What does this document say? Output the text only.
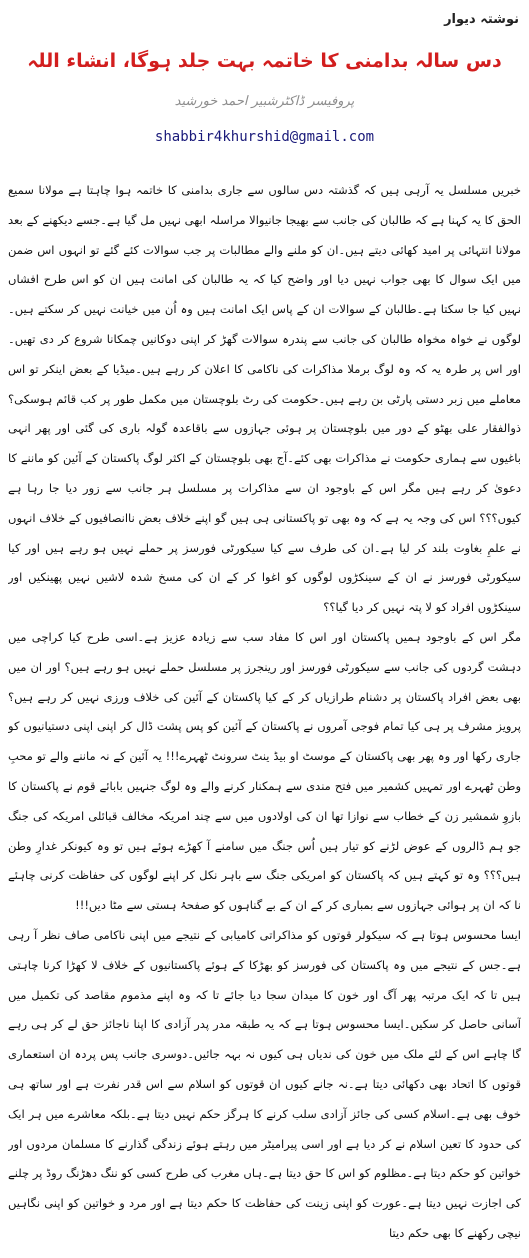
نوشتہ دیوار
دس سالہ بدامنی کا خاتمہ بہت جلد ہوگا، انشاء اللہ
پروفیسر ڈاکٹرشبیر احمد خورشید
shabbir4khurshid@gmail.com

خبریں مسلسل یہ آرہی ہیں کہ گذشتہ دس سالوں سے جاری بدامنی کا خاتمہ ہوا چاہتا ہے مولانا سمیع الحق کا یہ کہنا ہے کہ طالبان کی جانب سے بھیجا جانیوالا مراسلہ ابھی نہیں مل گیا ہے۔جسے دیکھنے کے بعد مولانا انتہائی پر امید کھائی دیتے ہیں۔ان کو ملنے والے مطالبات پر جب سوالات کئے گئے تو انہوں اس ضمن میں ایک سوال کا بھی جواب نہیں دیا اور واضح کیا کہ یہ طالبان کی امانت ہیں ان کو اس طرح افشاں نہیں کیا جا سکتا ہے۔طالبان کے سوالات ان کے پاس ایک امانت ہیں وہ اُن میں خیانت نہیں کر سکتے ہیں۔لوگوں نے خواہ مخواہ طالبان کی جانب سے پندرہ سوالات گھڑ کر اپنی دوکانیں چمکانا شروع کر دی تھیں۔اور اس پر طرہ یہ کہ وہ لوگ برملا مذاکرات کی ناکامی کا اعلان کر رہے ہیں۔میڈیا کے بعض اینکر تو اس معاملے میں زبر دستی پارٹی بن رہے ہیں۔حکومت کی رٹ بلوچستان میں مکمل طور پر کب قائم ہوسکی؟ ذوالفقار علی بھٹو کے دور میں بلوچستان پر ہوئی جہازوں سے باقاعدہ گولہ باری کی گئی اور پھر انہی باغیوں سے ہماری حکومت نے مذاکرات بھی کئے۔آج بھی بلوچستان کے اکثر لوگ پاکستان کے آئین کو ماننے کا دعویٰ کر رہے ہیں مگر اس کے باوجود ان سے مذاکرات پر مسلسل ہر جانب سے زور دیا جا رہا ہے کیوں؟؟؟ اس کی وجہ یہ ہے کہ وہ بھی تو پاکستانی ہی ہیں گو اپنے خلاف بعض ناانصافیوں کے خلاف انہوں نے علمِ بغاوت بلند کر لیا ہے۔ان کی طرف سے کیا سیکورٹی فورسز پر حملے نہیں ہو رہے ہیں اور کیا سیکورٹی فورسز نے ان کے سینکڑوں لوگوں کو اغوا کر کے ان کی مسخ شدہ لاشیں نہیں پھینکیں اور سینکڑوں افراد کو لا پتہ نہیں کر دیا گیا؟؟

مگر اس کے باوجود ہمیں پاکستان اور اس کا مفاد سب سے زیادہ عزیز ہے۔اسی طرح کیا کراچی میں دہشت گردوں کی جانب سے سیکورٹی فورسز اور رینجرز پر مسلسل حملے نہیں ہو رہے ہیں؟ اور ان میں بھی بعض افراد پاکستان پر دشنام طرازیاں کر کے کیا پاکستان کے آئین کی خلاف ورزی نہیں کر رہے ہیں؟ پرویز مشرف پر ہی کیا تمام فوجی آمروں نے پاکستان کے آئین کو پس پشت ڈال کر اپنی اپنی دستیانیوں کو جاری رکھا اور وہ پھر بھی پاکستان کے موسٹ او بیڈ ینٹ سرونٹ ٹھہرے!!! یہ آئین کے نہ ماننے والے تو محبِ وطن ٹھہرے اور تمہیں کشمیر میں فتح مندی سے ہمکنار کرنے والے وہ لوگ جنہیں بابائے قوم نے پاکستان کا بازوِ شمشیر زن کے خطاب سے نوازا تھا ان کی اولادوں میں سے چند امریکہ مخالف قبائلی امریکہ کی جنگ جو ہم ڈالروں کے عوض لڑنے کو تیار ہیں اُس جنگ میں سامنے آ کھڑے ہوئے ہیں تو وہ کیونکر غدارِ وطن ہیں؟؟؟ وہ تو کہتے ہیں کہ پاکستان کو امریکی جنگ سے باہر نکل کر اپنے لوگوں کی حفاظت کرنی چاہئے نا کہ ان پر ہوائی جہازوں سے بمباری کر کے ان کے بے گناہوں کو صفحۂ ہستی سے مٹا دیں!!!

ایسا محسوس ہوتا ہے کہ سیکولر قوتوں کو مذاکراتی کامیابی کے نتیجے میں اپنی ناکامی صاف نظر آ رہی ہے۔جس کے نتیجے میں وہ پاکستان کی فورسز کو بھڑکا کے ہوئے پاکستانیوں کے خلاف لا کھڑا کرنا چاہتی ہیں تا کہ ایک مرتبہ پھر آگ اور خون کا میدان سجا دیا جائے تا کہ وہ اپنے مذموم مقاصد کی تکمیل میں آسانی حاصل کر سکیں۔ایسا محسوس ہوتا ہے کہ یہ طبقہ مدر پدر آزادی کا اپنا ناجائز حق لے کر ہی رہے گا چاہے اس کے لئے ملک میں خون کی ندیاں ہی کیوں نہ بہہ جائیں۔دوسری جانب پس پردہ ان استعماری قوتوں کا اتحاد بھی دکھائی دیتا ہے۔نہ جانے کیوں ان قوتوں کو اسلام سے اس قدر نفرت ہے اور ساتھ ہی خوف بھی ہے۔اسلام کسی کی جائز آزادی سلب کرنے کا ہرگز حکم نہیں دیتا ہے۔بلکہ معاشرے میں ہر ایک کی حدود کا تعین اسلام نے کر دیا ہے اور اسی پیرامیٹر میں رہتے ہوئے زندگی گذارنے کا مسلمان مردوں اور خواتین کو حکم دیتا ہے۔مظلوم کو اس کا حق دیتا ہے۔ہاں مغرب کی طرح کسی کو ننگ دھڑنگ روڈ پر چلنے کی اجازت نہیں دیتا ہے۔عورت کو اپنی زینت کی حفاظت کا حکم دیتا ہے اور مرد و خواتین کو اپنی نگاہیں نیچی رکھنے کا بھی حکم دیتا
